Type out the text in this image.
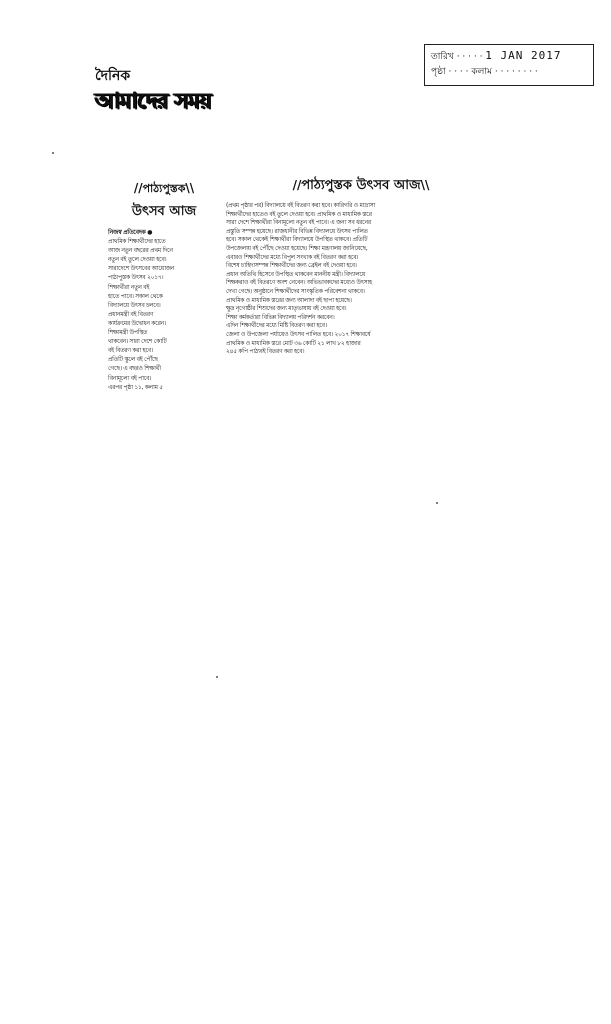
তারিখ · · · · · 1 JAN 2017
পৃষ্ঠা · · · · কলাম · · · · · · · ·
দৈনিক
আমাদের সময়
//পাঠ্যপুস্তক\\
উৎসব আজ
নিজস্ব প্রতিবেদক ●
প্রাথমিক শিক্ষার্থীদের হাতে
আজ নতুন বছরের প্রথম দিনে
নতুন বই তুলে দেওয়া হবে।
সারাদেশে উৎসবের আয়োজন
পাঠ্যপুস্তক উৎসব ২০১৭।
শিক্ষার্থীরা নতুন বই
হাতে পাবে। সকাল থেকে
বিদ্যালয়ে উৎসব চলবে।
প্রধানমন্ত্রী বই বিতরণ
কার্যক্রমের উদ্বোধন করেন।
শিক্ষামন্ত্রী উপস্থিত
থাকবেন। সারা দেশে কোটি
বই বিতরণ করা হবে।
প্রতিটি স্কুলে বই পৌঁছে
গেছে। এ বছরও শিক্ষার্থী
বিনামূল্যে বই পাবে।
এরপর পৃষ্ঠা ১১, কলাম ৫
//পাঠ্যপুস্তক উৎসব আজ\\
(প্রথম পৃষ্ঠার পর) বিদ্যালয়ে বই বিতরণ করা হবে। কারিগরি ও মাদ্রাসা
শিক্ষার্থীদের হাতেও বই তুলে দেওয়া হবে। প্রাথমিক ও মাধ্যমিক স্তরে
সারা দেশে শিক্ষার্থীরা বিনামূল্যে নতুন বই পাবে। এ জন্য সব ধরনের
প্রস্তুতি সম্পন্ন হয়েছে। রাজধানীর বিভিন্ন বিদ্যালয়ে উৎসব পালিত
হবে। সকাল থেকেই শিক্ষার্থীরা বিদ্যালয়ে উপস্থিত থাকবে। প্রতিটি
উপজেলায় বই পৌঁছে দেওয়া হয়েছে। শিক্ষা মন্ত্রণালয় জানিয়েছে,
এবারও শিক্ষার্থীদের মধ্যে বিপুল সংখ্যক বই বিতরণ করা হবে।
বিশেষ চাহিদাসম্পন্ন শিক্ষার্থীদের জন্য ব্রেইল বই দেওয়া হবে।
প্রধান অতিথি হিসেবে উপস্থিত থাকবেন মাননীয় মন্ত্রী। বিদ্যালয়ে
শিক্ষকরাও বই বিতরণে অংশ নেবেন। অভিভাবকদের মধ্যেও উৎসাহ
দেখা গেছে। অনুষ্ঠানে শিক্ষার্থীদের সাংস্কৃতিক পরিবেশনা থাকবে।
প্রাথমিক ও মাধ্যমিক স্তরের জন্য আলাদা বই ছাপা হয়েছে।
ক্ষুদ্র নৃগোষ্ঠীর শিশুদের জন্য মাতৃভাষায় বই দেওয়া হবে।
শিক্ষা কর্মকর্তারা বিভিন্ন বিদ্যালয় পরিদর্শন করবেন।
এদিন শিক্ষার্থীদের মধ্যে মিষ্টি বিতরণ করা হবে।
জেলা ও উপজেলা পর্যায়েও উৎসব পালিত হবে। ২০১৭ শিক্ষাবর্ষে
প্রাথমিক ও মাধ্যমিক স্তরে মোট ৩৬ কোটি ২১ লাখ ৮২ হাজার
২৪৫ কপি পাঠ্যবই বিতরণ করা হবে।
